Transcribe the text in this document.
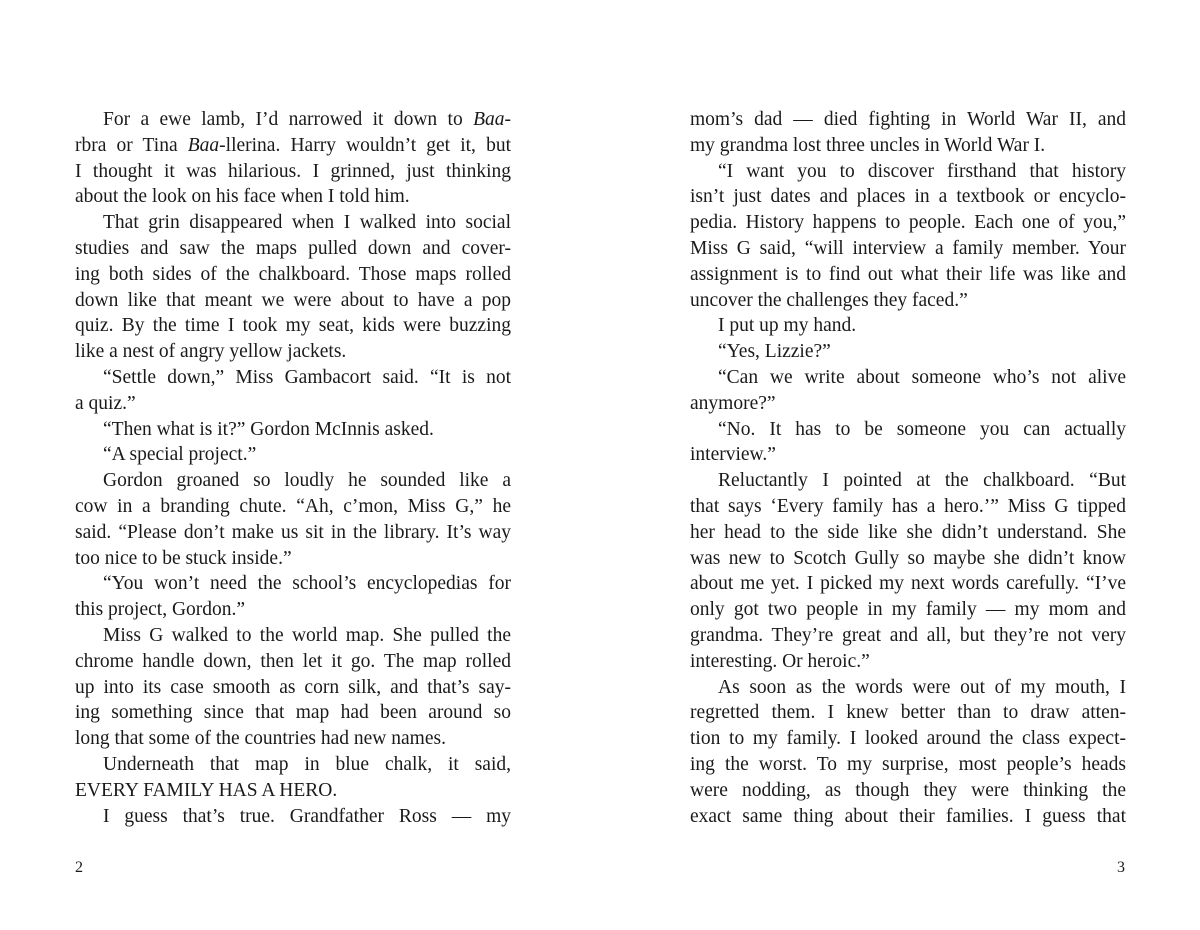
For a ewe lamb, I’d narrowed it down to Baa-
rbra or Tina Baa-llerina. Harry wouldn’t get it, but
I thought it was hilarious. I grinned, just thinking
about the look on his face when I told him.
That grin disappeared when I walked into social
studies and saw the maps pulled down and cover-
ing both sides of the chalkboard. Those maps rolled
down like that meant we were about to have a pop
quiz. By the time I took my seat, kids were buzzing
like a nest of angry yellow jackets.
“Settle down,” Miss Gambacort said. “It is not
a quiz.”
“Then what is it?” Gordon McInnis asked.
“A special project.”
Gordon groaned so loudly he sounded like a
cow in a branding chute. “Ah, c’mon, Miss G,” he
said. “Please don’t make us sit in the library. It’s way
too nice to be stuck inside.”
“You won’t need the school’s encyclopedias for
this project, Gordon.”
Miss G walked to the world map. She pulled the
chrome handle down, then let it go. The map rolled
up into its case smooth as corn silk, and that’s say-
ing something since that map had been around so
long that some of the countries had new names.
Underneath that map in blue chalk, it said,
EVERY FAMILY HAS A HERO.
I guess that’s true. Grandfather Ross — my
mom’s dad — died fighting in World War II, and
my grandma lost three uncles in World War I.
“I want you to discover firsthand that history
isn’t just dates and places in a textbook or encyclo-
pedia. History happens to people. Each one of you,”
Miss G said, “will interview a family member. Your
assignment is to find out what their life was like and
uncover the challenges they faced.”
I put up my hand.
“Yes, Lizzie?”
“Can we write about someone who’s not alive
anymore?”
“No. It has to be someone you can actually
interview.”
Reluctantly I pointed at the chalkboard. “But
that says ‘Every family has a hero.’” Miss G tipped
her head to the side like she didn’t understand. She
was new to Scotch Gully so maybe she didn’t know
about me yet. I picked my next words carefully. “I’ve
only got two people in my family — my mom and
grandma. They’re great and all, but they’re not very
interesting. Or heroic.”
As soon as the words were out of my mouth, I
regretted them. I knew better than to draw atten-
tion to my family. I looked around the class expect-
ing the worst. To my surprise, most people’s heads
were nodding, as though they were thinking the
exact same thing about their families. I guess that
2	3
